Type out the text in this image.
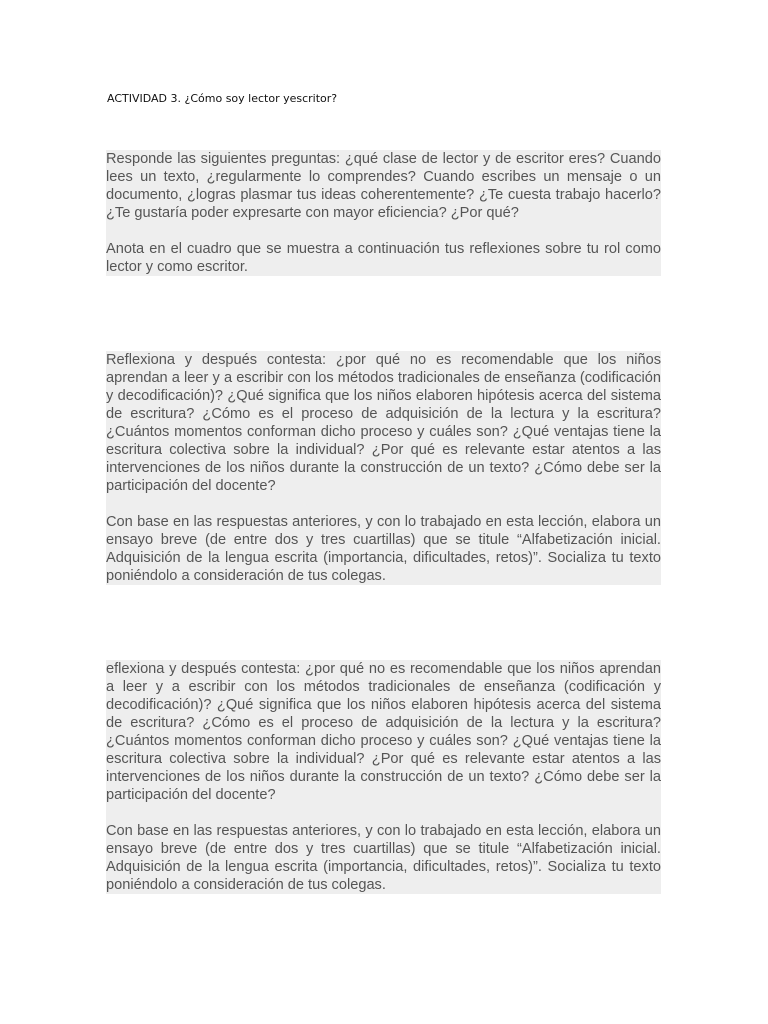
ACTIVIDAD 3. ¿Cómo soy lector yescritor?

Responde las siguientes preguntas: ¿qué clase de lector y de escritor eres? Cuando lees un texto, ¿regularmente lo comprendes? Cuando escribes un mensaje o un documento, ¿logras plasmar tus ideas coherentemente? ¿Te cuesta trabajo hacerlo? ¿Te gustaría poder expresarte con mayor eficiencia? ¿Por qué?

Anota en el cuadro que se muestra a continuación tus reflexiones sobre tu rol como lector y como escritor.

Reflexiona y después contesta: ¿por qué no es recomendable que los niños aprendan a leer y a escribir con los métodos tradicionales de enseñanza (codificación y decodificación)? ¿Qué significa que los niños elaboren hipótesis acerca del sistema de escritura? ¿Cómo es el proceso de adquisición de la lectura y la escritura? ¿Cuántos momentos conforman dicho proceso y cuáles son? ¿Qué ventajas tiene la escritura colectiva sobre la individual? ¿Por qué es relevante estar atentos a las intervenciones de los niños durante la construcción de un texto? ¿Cómo debe ser la participación del docente?

Con base en las respuestas anteriores, y con lo trabajado en esta lección, elabora un ensayo breve (de entre dos y tres cuartillas) que se titule “Alfabetización inicial. Adquisición de la lengua escrita (importancia, dificultades, retos)”. Socializa tu texto poniéndolo a consideración de tus colegas.

eflexiona y después contesta: ¿por qué no es recomendable que los niños aprendan a leer y a escribir con los métodos tradicionales de enseñanza (codificación y decodificación)? ¿Qué significa que los niños elaboren hipótesis acerca del sistema de escritura? ¿Cómo es el proceso de adquisición de la lectura y la escritura? ¿Cuántos momentos conforman dicho proceso y cuáles son? ¿Qué ventajas tiene la escritura colectiva sobre la individual? ¿Por qué es relevante estar atentos a las intervenciones de los niños durante la construcción de un texto? ¿Cómo debe ser la participación del docente?

Con base en las respuestas anteriores, y con lo trabajado en esta lección, elabora un ensayo breve (de entre dos y tres cuartillas) que se titule “Alfabetización inicial. Adquisición de la lengua escrita (importancia, dificultades, retos)”. Socializa tu texto poniéndolo a consideración de tus colegas.
